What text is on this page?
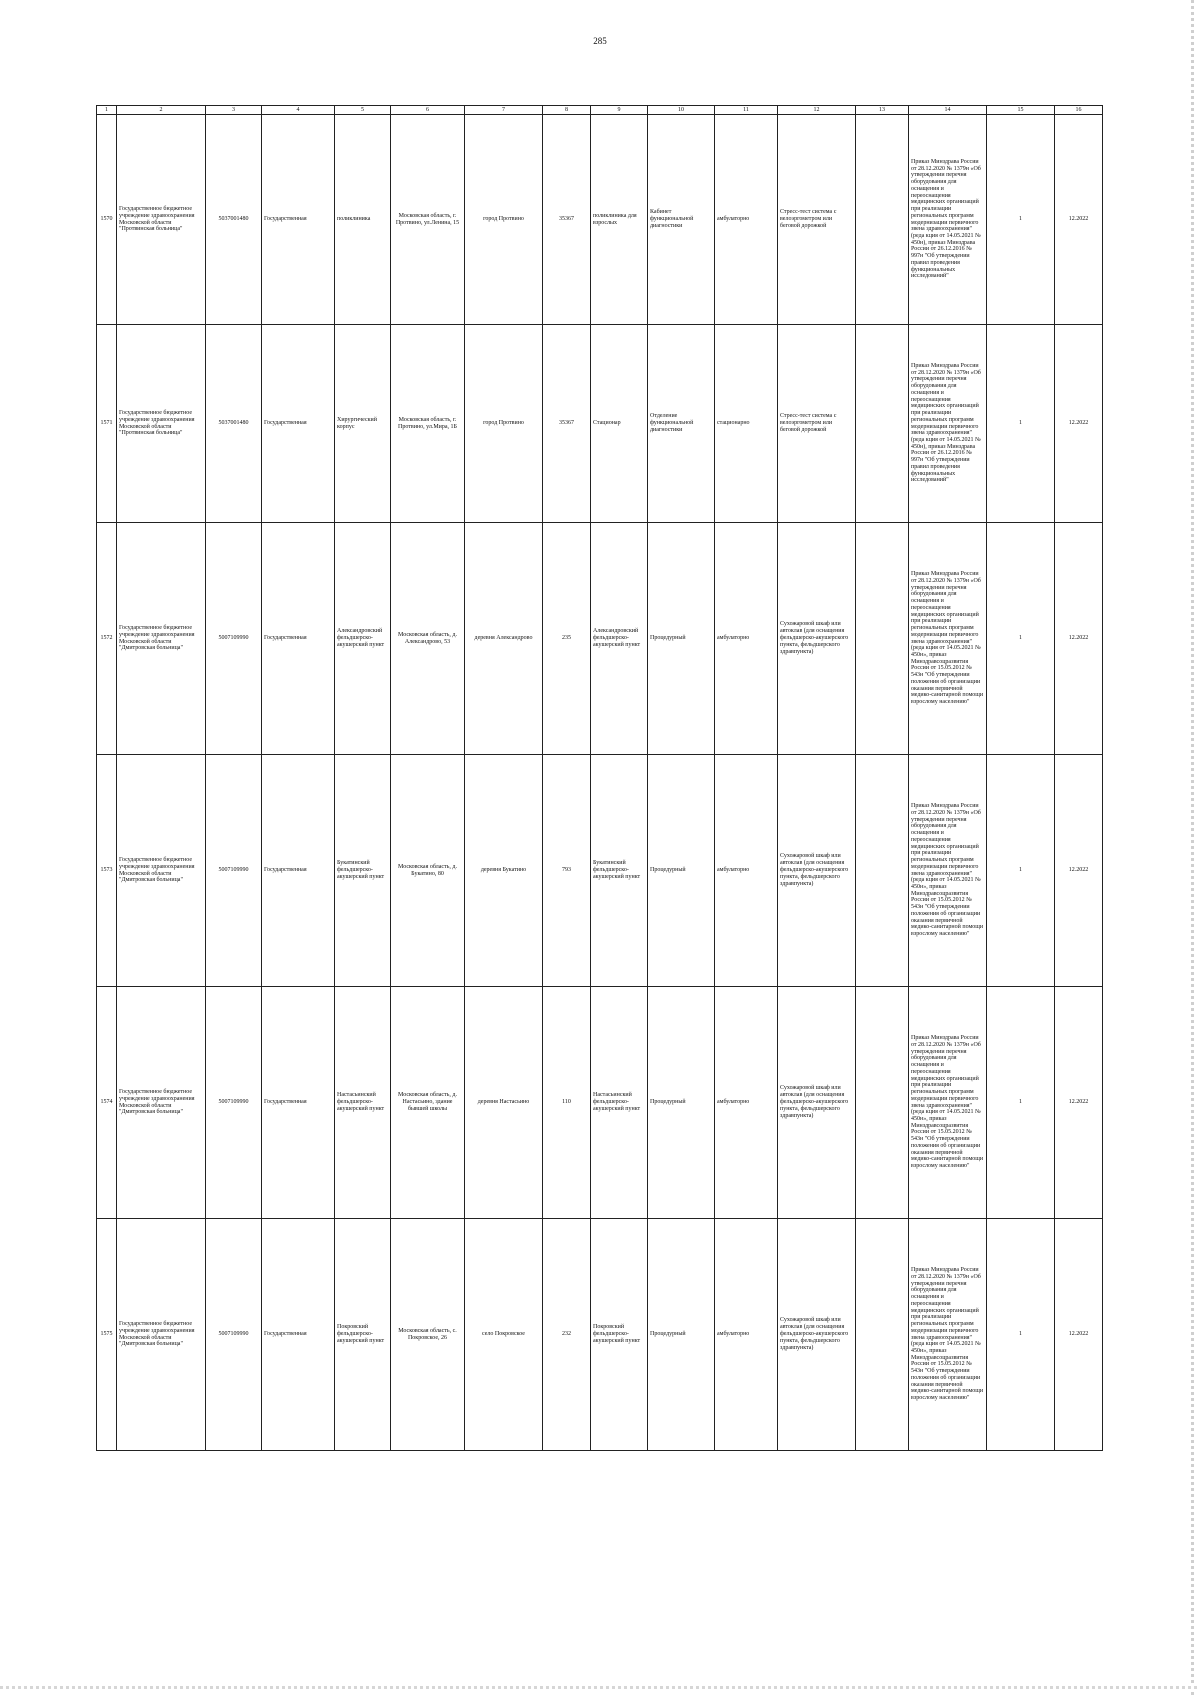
285
1	2	3	4	5	6	7	8	9	10	11	12	13	14	15	16
1570	Государственное бюджетное учреждение здравоохранения Московской области "Протвинская больница"	5037001480	Государственная	поликлиника	Московская область, г. Протвино, ул.Ленина, 15	город Протвино	35367	поликлиника для взрослых	Кабинет функциональной диагностики	амбулаторно	Стресс-тест система с велоэргометром или беговой дорожкой		Приказ Минздрава России от 28.12.2020 № 1379н «Об утверждении перечня оборудования для оснащения и переоснащения медицинских организаций при реализации региональных программ модернизации первичного звена здравоохранения"(реда кция от 14.05.2021 № 450н), приказ Минздрава России от 26.12.2016 № 997н "Об утверждении правил проведения функциональных исследований"	1	12.2022
1571	Государственное бюджетное учреждение здравоохранения Московской области "Протвинская больница"	5037001480	Государственная	Хирургический корпус	Московская область, г. Протвино, ул.Мира, 1Б	город Протвино	35367	Стационар	Отделение функциональной диагностики	стационарно	Стресс-тест система с велоэргометром или беговой дорожкой		Приказ Минздрава России от 28.12.2020 № 1379н «Об утверждении перечня оборудования для оснащения и переоснащения медицинских организаций при реализации региональных программ модернизации первичного звена здравоохранения"(реда кция от 14.05.2021 № 450н), приказ Минздрава России от 26.12.2016 № 997н "Об утверждении правил проведения функциональных исследований"	1	12.2022
1572	Государственное бюджетное учреждение здравоохранения Московской области "Дмитровская больница"	5007109990	Государственная	Александровский фельдшерско-акушерский пункт	Московская область, д. Александрово, 53	деревня Александрово	235	Александровский фельдшерско-акушерский пункт	Процедурный	амбулаторно	Сухожаровой шкаф или автоклав (для оснащения фельдшерско-акушерского пункта, фельдшерского здравпункта)		Приказ Минздрава России от 28.12.2020 № 1379н «Об утверждении перечня оборудования для оснащения и переоснащения медицинских организаций при реализации региональных программ модернизации первичного звена здравоохранения"(реда кция от 14.05.2021 № 450н», приказ Минздравсоцразвития России от 15.05.2012 № 543н "Об утверждении положения об организации оказания первичной медико-санитарной помощи взрослому населению"	1	12.2022
1573	Государственное бюджетное учреждение здравоохранения Московской области "Дмитровская больница"	5007109990	Государственная	Букатинский фельдшерско-акушерский пункт	Московская область, д. Букатино, 80	деревня Букатино	793	Букатинский фельдшерско-акушерский пункт	Процедурный	амбулаторно	Сухожаровой шкаф или автоклав (для оснащения фельдшерско-акушерского пункта, фельдшерского здравпункта)		Приказ Минздрава России от 28.12.2020 № 1379н «Об утверждении перечня оборудования для оснащения и переоснащения медицинских организаций при реализации региональных программ модернизации первичного звена здравоохранения"(реда кция от 14.05.2021 № 450н», приказ Минздравсоцразвития России от 15.05.2012 № 543н "Об утверждении положения об организации оказания первичной медико-санитарной помощи взрослому населению"	1	12.2022
1574	Государственное бюджетное учреждение здравоохранения Московской области "Дмитровская больница"	5007109990	Государственная	Настасьинский фельдшерско-акушерский пункт	Московская область, д. Настасьино, здание бывшей школы	деревня Настасьино	110	Настасьинский фельдшерско-акушерский пункт	Процедурный	амбулаторно	Сухожаровой шкаф или автоклав (для оснащения фельдшерско-акушерского пункта, фельдшерского здравпункта)		Приказ Минздрава России от 28.12.2020 № 1379н «Об утверждении перечня оборудования для оснащения и переоснащения медицинских организаций при реализации региональных программ модернизации первичного звена здравоохранения"(реда кция от 14.05.2021 № 450н», приказ Минздравсоцразвития России от 15.05.2012 № 543н "Об утверждении положения об организации оказания первичной медико-санитарной помощи взрослому населению"	1	12.2022
1575	Государственное бюджетное учреждение здравоохранения Московской области "Дмитровская больница"	5007109990	Государственная	Покровский фельдшерско-акушерский пункт	Московская область, с. Покровское, 26	село Покровское	232	Покровский фельдшерско-акушерский пункт	Процедурный	амбулаторно	Сухожаровой шкаф или автоклав (для оснащения фельдшерско-акушерского пункта, фельдшерского здравпункта)		Приказ Минздрава России от 28.12.2020 № 1379н «Об утверждении перечня оборудования для оснащения и переоснащения медицинских организаций при реализации региональных программ модернизации первичного звена здравоохранения"(реда кция от 14.05.2021 № 450н», приказ Минздравсоцразвития России от 15.05.2012 № 543н "Об утверждении положения об организации оказания первичной медико-санитарной помощи взрослому населению"	1	12.2022
